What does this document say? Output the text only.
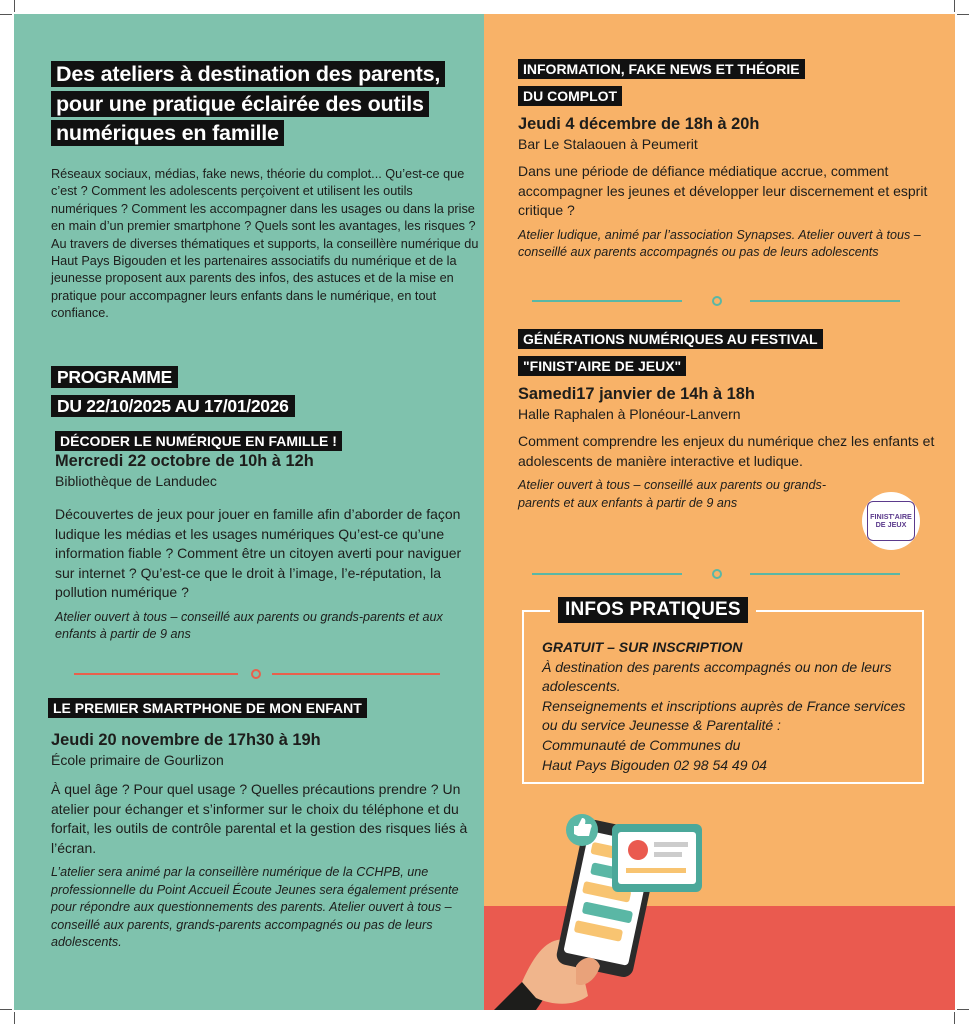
Des ateliers à destination des parents, pour une pratique éclairée des outils numériques en famille
Réseaux sociaux, médias, fake news, théorie du complot... Qu’est-ce que c’est ? Comment les adolescents perçoivent et utilisent les outils numériques ? Comment les accompagner dans les usages ou dans la prise en main d’un premier smartphone ? Quels sont les avantages, les risques ? Au travers de diverses thématiques et supports, la conseillère numérique du Haut Pays Bigouden et les partenaires associatifs du numérique et de la jeunesse proposent aux parents des infos, des astuces et de la mise en pratique pour accompagner leurs enfants dans le numérique, en tout confiance.
PROGRAMME
DU 22/10/2025 AU 17/01/2026
DÉCODER LE NUMÉRIQUE EN FAMILLE !
Mercredi 22 octobre de 10h à 12h
Bibliothèque de Landudec
Découvertes de jeux pour jouer en famille afin d’aborder de façon ludique les médias et les usages numériques Qu’est-ce qu’une information fiable ? Comment être un citoyen averti pour naviguer sur internet ? Qu’est-ce que le droit à l’image, l’e-réputation, la pollution numérique ?
Atelier ouvert à tous – conseillé aux parents ou grands-parents et aux enfants à partir de 9 ans
LE PREMIER SMARTPHONE DE MON ENFANT
Jeudi 20 novembre de 17h30 à 19h
École primaire de Gourlizon
À quel âge ? Pour quel usage ? Quelles précautions prendre ? Un atelier pour échanger et s’informer sur le choix du téléphone et du forfait, les outils de contrôle parental et la gestion des risques liés à l’écran.
L’atelier sera animé par la conseillère numérique de la CCHPB, une professionnelle du Point Accueil Écoute Jeunes sera également présente pour répondre aux questionnements des parents. Atelier ouvert à tous – conseillé aux parents, grands-parents accompagnés ou pas de leurs adolescents.
INFORMATION, FAKE NEWS ET THÉORIE
DU COMPLOT
Jeudi 4 décembre de 18h à 20h
Bar Le Stalaouen à Peumerit
Dans une période de défiance médiatique accrue, comment accompagner les jeunes et développer leur discernement et esprit critique ?
Atelier ludique, animé par l’association Synapses. Atelier ouvert à tous – conseillé aux parents accompagnés ou pas de leurs adolescents
GÉNÉRATIONS NUMÉRIQUES AU FESTIVAL
"FINIST'AIRE DE JEUX"
Samedi17 janvier de 14h à 18h
Halle Raphalen à Plonéour-Lanvern
Comment comprendre les enjeux du numérique chez les enfants et adolescents de manière interactive et ludique.
Atelier ouvert à tous – conseillé aux parents ou grands-parents et aux enfants à partir de 9 ans
FINIST'AIRE DE JEUX
INFOS PRATIQUES
GRATUIT – SUR INSCRIPTION
À destination des parents accompagnés ou non de leurs adolescents.
Renseignements et inscriptions auprès de France services ou du service Jeunesse & Parentalité :
Communauté de Communes du
Haut Pays Bigouden 02 98 54 49 04
